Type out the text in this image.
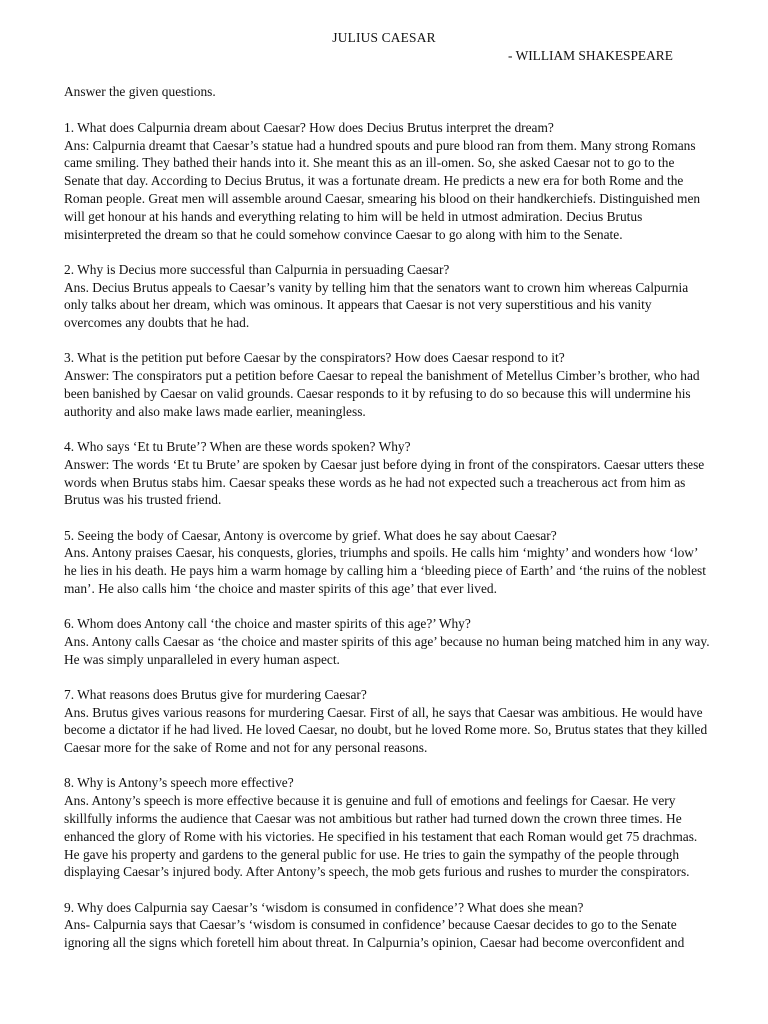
JULIUS CAESAR
- WILLIAM SHAKESPEARE

Answer the given questions.

1. What does Calpurnia dream about Caesar? How does Decius Brutus interpret the dream?

Ans: Calpurnia dreamt that Caesar’s statue had a hundred spouts and pure blood ran from them. Many strong Romans came smiling. They bathed their hands into it. She meant this as an ill-omen. So, she asked Caesar not to go to the Senate that day. According to Decius Brutus, it was a fortunate dream. He predicts a new era for both Rome and the Roman people. Great men will assemble around Caesar, smearing his blood on their handkerchiefs. Distinguished men will get honour at his hands and everything relating to him will be held in utmost admiration. Decius Brutus misinterpreted the dream so that he could somehow convince Caesar to go along with him to the Senate.

2. Why is Decius more successful than Calpurnia in persuading Caesar?

Ans. Decius Brutus appeals to Caesar’s vanity by telling him that the senators want to crown him whereas Calpurnia only talks about her dream, which was ominous. It appears that Caesar is not very superstitious and his vanity overcomes any doubts that he had.

3. What is the petition put before Caesar by the conspirators? How does Caesar respond to it?

Answer: The conspirators put a petition before Caesar to repeal the banishment of Metellus Cimber’s brother, who had been banished by Caesar on valid grounds. Caesar responds to it by refusing to do so because this will undermine his authority and also make laws made earlier, meaningless.

4. Who says ‘Et tu Brute’? When are these words spoken? Why?

Answer: The words ‘Et tu Brute’ are spoken by Caesar just before dying in front of the conspirators. Caesar utters these words when Brutus stabs him. Caesar speaks these words as he had not expected such a treacherous act from him as Brutus was his trusted friend.

5. Seeing the body of Caesar, Antony is overcome by grief. What does he say about Caesar?

Ans. Antony praises Caesar, his conquests, glories, triumphs and spoils. He calls him ‘mighty’ and wonders how ‘low’ he lies in his death. He pays him a warm homage by calling him a ‘bleeding piece of Earth’ and ‘the ruins of the noblest man’. He also calls him ‘the choice and master spirits of this age’ that ever lived.

6. Whom does Antony call ‘the choice and master spirits of this age?’ Why?

Ans. Antony calls Caesar as ‘the choice and master spirits of this age’ because no human being matched him in any way. He was simply unparalleled in every human aspect.

7. What reasons does Brutus give for murdering Caesar?

Ans. Brutus gives various reasons for murdering Caesar. First of all, he says that Caesar was ambitious. He would have become a dictator if he had lived. He loved Caesar, no doubt, but he loved Rome more. So, Brutus states that they killed Caesar more for the sake of Rome and not for any personal reasons.

8. Why is Antony’s speech more effective?

Ans. Antony’s speech is more effective because it is genuine and full of emotions and feelings for Caesar. He very skillfully informs the audience that Caesar was not ambitious but rather had turned down the crown three times. He enhanced the glory of Rome with his victories. He specified in his testament that each Roman would get 75 drachmas. He gave his property and gardens to the general public for use. He tries to gain the sympathy of the people through displaying Caesar’s injured body. After Antony’s speech, the mob gets furious and rushes to murder the conspirators.

9. Why does Calpurnia say Caesar’s ‘wisdom is consumed in confidence’? What does she mean?

Ans- Calpurnia says that Caesar’s ‘wisdom is consumed in confidence’ because Caesar decides to go to the Senate ignoring all the signs which foretell him about threat. In Calpurnia’s opinion, Caesar had become overconfident and
